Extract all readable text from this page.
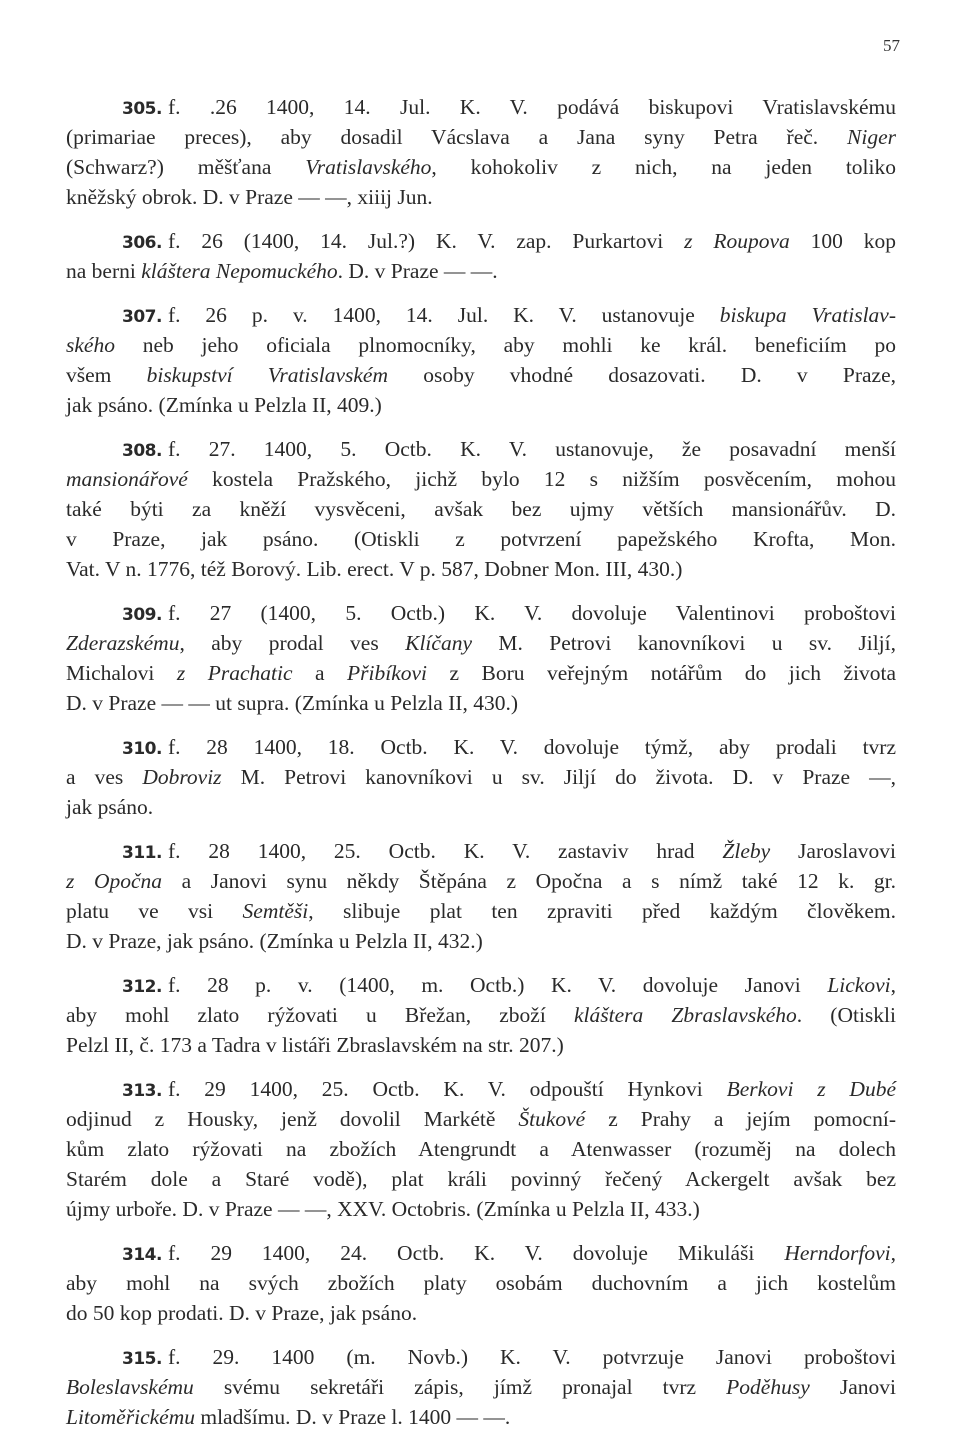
57
305. f. .26 1400, 14. Jul. K. V. podává biskupovi Vratislavskému
(primariae preces), aby dosadil Vácslava a Jana syny Petra řeč. Niger
(Schwarz?) měšťana Vratislavského, kohokoliv z nich, na jeden toliko
kněžský obrok. D. v Praze — —, xiiij Jun.
306. f. 26 (1400, 14. Jul.?) K. V. zap. Purkartovi z Roupova 100 kop
na berni kláštera Nepomuckého. D. v Praze — —.
307. f. 26 p. v. 1400, 14. Jul. K. V. ustanovuje biskupa Vratislav-
ského neb jeho oficiala plnomocníky, aby mohli ke král. beneficiím po
všem biskupství Vratislavském osoby vhodné dosazovati. D. v Praze,
jak psáno. (Zmínka u Pelzla II, 409.)
308. f. 27. 1400, 5. Octb. K. V. ustanovuje, že posavadní menší
mansionářové kostela Pražského, jichž bylo 12 s nižším posvěcením, mohou
také býti za kněží vysvěceni, avšak bez ujmy větších mansionářův. D.
v Praze, jak psáno. (Otiskli z potvrzení papežského Krofta, Mon.
Vat. V n. 1776, též Borový. Lib. erect. V p. 587, Dobner Mon. III, 430.)
309. f. 27 (1400, 5. Octb.) K. V. dovoluje Valentinovi proboštovi
Zderazskému, aby prodal ves Klíčany M. Petrovi kanovníkovi u sv. Jiljí,
Michalovi z Prachatic a Přibíkovi z Boru veřejným notářům do jich života
D. v Praze — — ut supra. (Zmínka u Pelzla II, 430.)
310. f. 28 1400, 18. Octb. K. V. dovoluje týmž, aby prodali tvrz
a ves Dobroviz M. Petrovi kanovníkovi u sv. Jiljí do života. D. v Praze —,
jak psáno.
311. f. 28 1400, 25. Octb. K. V. zastaviv hrad Žleby Jaroslavovi
z Opočna a Janovi synu někdy Štěpána z Opočna a s nímž také 12 k. gr.
platu ve vsi Semtěši, slibuje plat ten zpraviti před každým člověkem.
D. v Praze, jak psáno. (Zmínka u Pelzla II, 432.)
312. f. 28 p. v. (1400, m. Octb.) K. V. dovoluje Janovi Lickovi,
aby mohl zlato rýžovati u Břežan, zboží kláštera Zbraslavského. (Otiskli
Pelzl II, č. 173 a Tadra v listáři Zbraslavském na str. 207.)
313. f. 29 1400, 25. Octb. K. V. odpouští Hynkovi Berkovi z Dubé
odjinud z Housky, jenž dovolil Markétě Štukové z Prahy a jejím pomocní-
kům zlato rýžovati na zbožích Atengrundt a Atenwasser (rozuměj na dolech
Starém dole a Staré vodě), plat králi povinný řečený Ackergelt avšak bez
újmy urboře. D. v Praze — —, XXV. Octobris. (Zmínka u Pelzla II, 433.)
314. f. 29 1400, 24. Octb. K. V. dovoluje Mikuláši Herndorfovi,
aby mohl na svých zbožích platy osobám duchovním a jich kostelům
do 50 kop prodati. D. v Praze, jak psáno.
315. f. 29. 1400 (m. Novb.) K. V. potvrzuje Janovi proboštovi
Boleslavskému svému sekretáři zápis, jímž pronajal tvrz Poděhusy Janovi
Litoměřickému mladšímu. D. v Praze l. 1400 — —.
